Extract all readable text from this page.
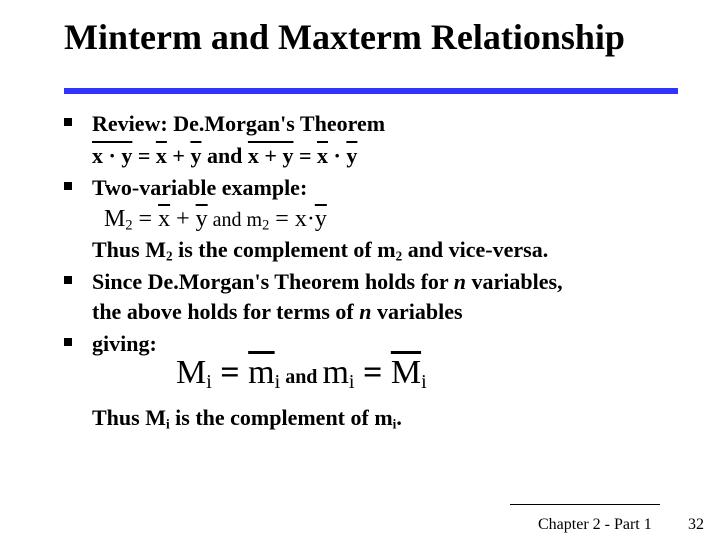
Minterm and Maxterm Relationship
Review: De.Morgan's Theorem
$x \cdot y = \overline{x} + \overline{y}$ and $x + y = \overline{x} \cdot \overline{y}$
Two-variable example:
$M_2 = \overline{x} + \overline{y}$ and $m_2 = x\cdot\overline{y}$
Thus $M_2$ is the complement of $m_2$ and vice-versa.
Since De.Morgan's Theorem holds for n variables,
the above holds for terms of n variables
giving:
$M_i = \overline{m}_i$ and $m_i = \overline{M}_i$
Thus $M_i$ is the complement of $m_i$.
Chapter 2 - Part 1 32
